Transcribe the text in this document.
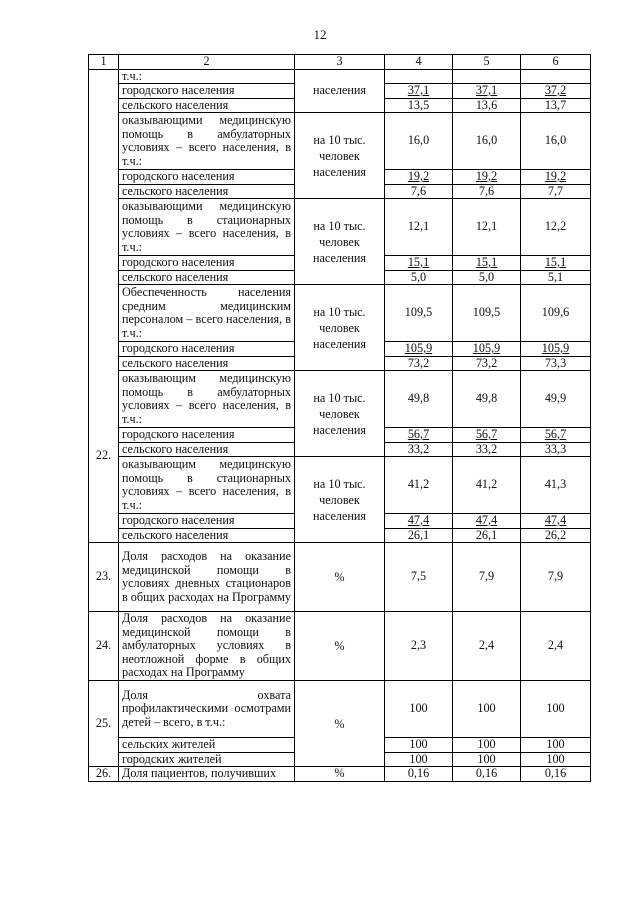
12
1	2	3	4	5	6
22.	т.ч.:	населения			
	городского населения		37,1	37,1	37,2
	сельского населения		13,5	13,6	13,7
	оказывающими медицинскую помощь в амбулаторных условиях – всего населения, в т.ч.:	на 10 тыс. человек населения	16,0	16,0	16,0
	городского населения		19,2	19,2	19,2
	сельского населения		7,6	7,6	7,7
	оказывающими медицинскую помощь в стационарных условиях – всего населения, в т.ч.:	на 10 тыс. человек населения	12,1	12,1	12,2
	городского населения		15,1	15,1	15,1
	сельского населения		5,0	5,0	5,1
	Обеспеченность населения средним медицинским персоналом – всего населения, в т.ч.:	на 10 тыс. человек населения	109,5	109,5	109,6
	городского населения		105,9	105,9	105,9
	сельского населения		73,2	73,2	73,3
	оказывающим медицинскую помощь в амбулаторных условиях – всего населения, в т.ч.:	на 10 тыс. человек населения	49,8	49,8	49,9
	городского населения		56,7	56,7	56,7
	сельского населения		33,2	33,2	33,3
	оказывающим медицинскую помощь в стационарных условиях – всего населения, в т.ч.:	на 10 тыс. человек населения	41,2	41,2	41,3
	городского населения		47,4	47,4	47,4
	сельского населения		26,1	26,1	26,2
23.	Доля расходов на оказание медицинской помощи в условиях дневных стационаров в общих расходах на Программу	%	7,5	7,9	7,9
24.	Доля расходов на оказание медицинской помощи в амбулаторных условиях в неотложной форме в общих расходах на Программу	%	2,3	2,4	2,4
25.	Доля охвата профилактическими осмотрами детей – всего, в т.ч.:	%	100	100	100
	сельских жителей		100	100	100
	городских жителей		100	100	100
26.	Доля пациентов, получивших	%	0,16	0,16	0,16
